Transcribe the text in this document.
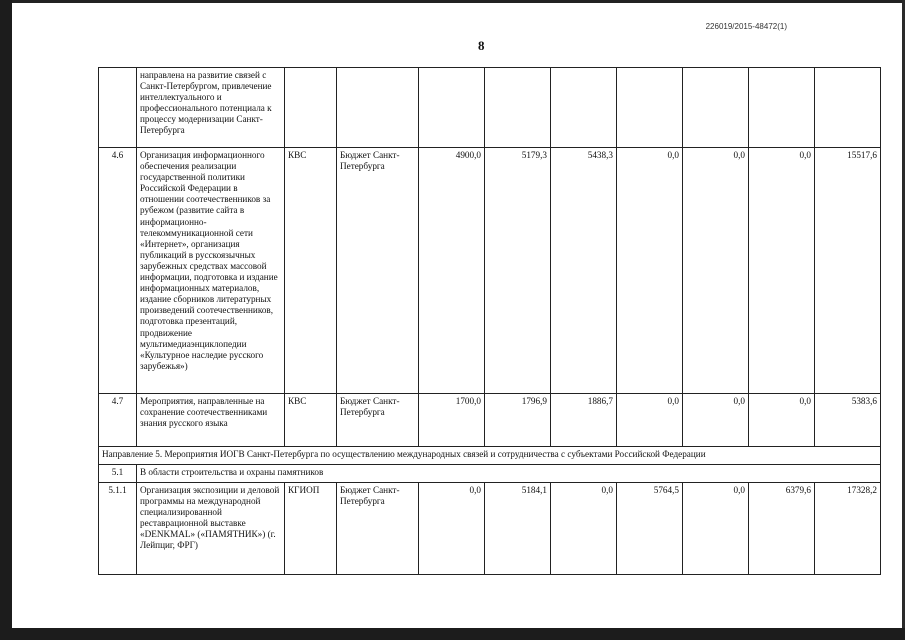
226019/2015-48472(1)
8
	направлена на развитие связей с Санкт-Петербургом, привлечение интеллектуального и профессионального потенциала к процессу модернизации Санкт-Петербурга									
4.6	Организация информационного обеспечения реализации государственной политики Российской Федерации в отношении соотечественников за рубежом (развитие сайта в информационно-телекоммуникационной сети «Интернет», организация публикаций в русскоязычных зарубежных средствах массовой информации, подготовка и издание информационных материалов, издание сборников литературных произведений соотечественников, подготовка презентаций, продвижение мультимедиаэнциклопедии «Культурное наследие русского зарубежья»)	КВС	Бюджет Санкт-Петербурга	4900,0	5179,3	5438,3	0,0	0,0	0,0	15517,6
4.7	Мероприятия, направленные на сохранение соотечественниками знания русского языка	КВС	Бюджет Санкт-Петербурга	1700,0	1796,9	1886,7	0,0	0,0	0,0	5383,6
Направление 5. Мероприятия ИОГВ Санкт-Петербурга по осуществлению международных связей и сотрудничества с субъектами Российской Федерации										
5.1	В области строительства и охраны памятников									
5.1.1	Организация экспозиции и деловой программы на международной специализированной реставрационной выставке «DENKMAL» («ПАМЯТНИК») (г. Лейпциг, ФРГ)	КГИОП	Бюджет Санкт-Петербурга	0,0	5184,1	0,0	5764,5	0,0	6379,6	17328,2
